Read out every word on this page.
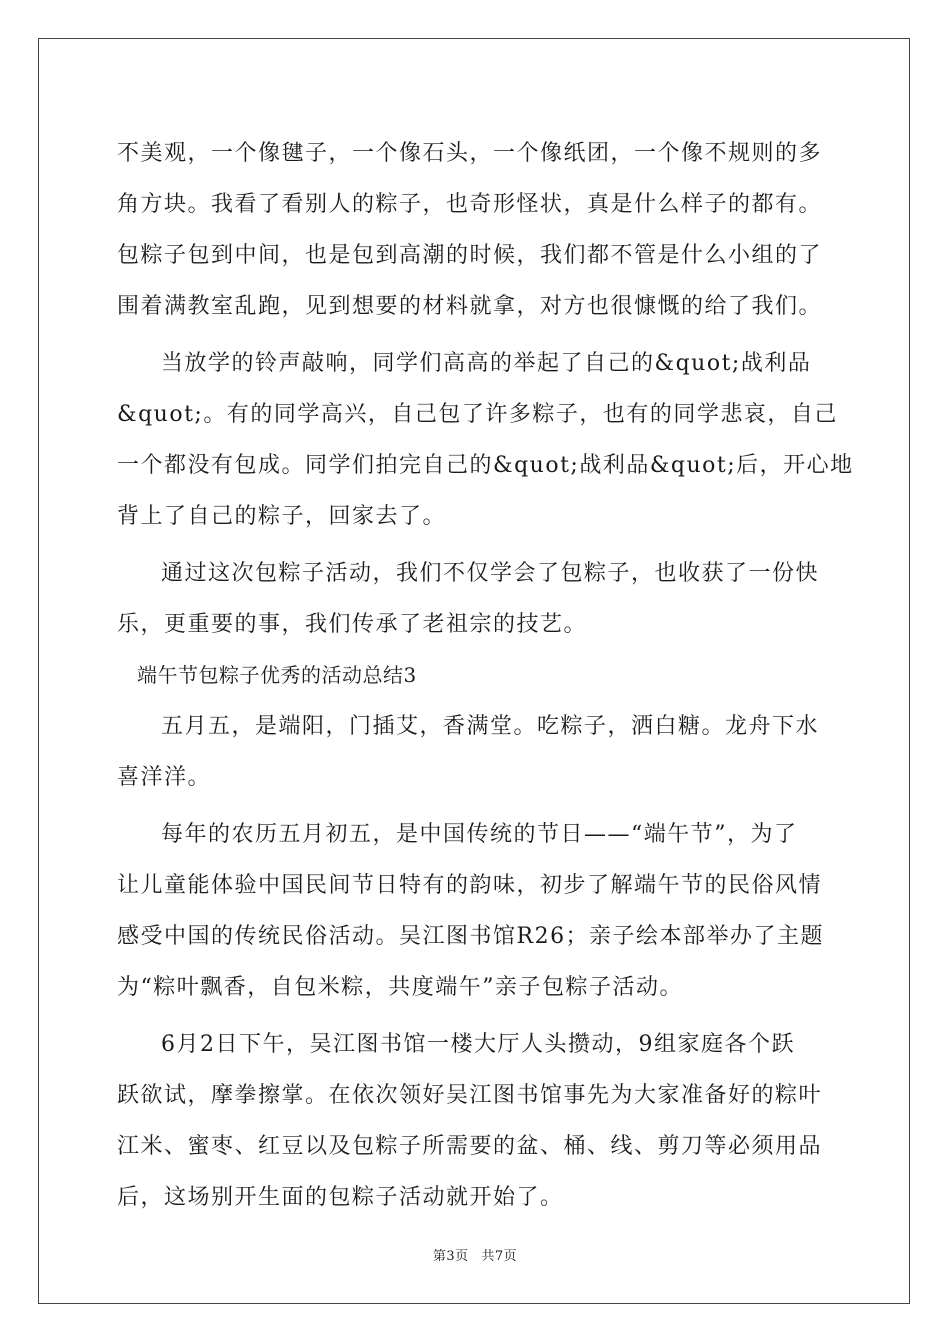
不美观，一个像毽子，一个像石头，一个像纸团，一个像不规则的多
角方块。我看了看别人的粽子，也奇形怪状，真是什么样子的都有。
包粽子包到中间，也是包到高潮的时候，我们都不管是什么小组的了
围着满教室乱跑，见到想要的材料就拿，对方也很慷慨的给了我们。
当放学的铃声敲响，同学们高高的举起了自己的&quot;战利品
&quot;。有的同学高兴，自己包了许多粽子，也有的同学悲哀，自己
一个都没有包成。同学们拍完自己的&quot;战利品&quot;后，开心地
背上了自己的粽子，回家去了。
通过这次包粽子活动，我们不仅学会了包粽子，也收获了一份快
乐，更重要的事，我们传承了老祖宗的技艺。
端午节包粽子优秀的活动总结3
五月五，是端阳，门插艾，香满堂。吃粽子，洒白糖。龙舟下水
喜洋洋。
每年的农历五月初五，是中国传统的节日——“端午节”，为了
让儿童能体验中国民间节日特有的韵味，初步了解端午节的民俗风情
感受中国的传统民俗活动。吴江图书馆R26；亲子绘本部举办了主题
为“粽叶飘香，自包米粽，共度端午”亲子包粽子活动。
6月2日下午，吴江图书馆一楼大厅人头攒动，9组家庭各个跃
跃欲试，摩拳擦掌。在依次领好吴江图书馆事先为大家准备好的粽叶
江米、蜜枣、红豆以及包粽子所需要的盆、桶、线、剪刀等必须用品
后，这场别开生面的包粽子活动就开始了。
第3页 共7页
